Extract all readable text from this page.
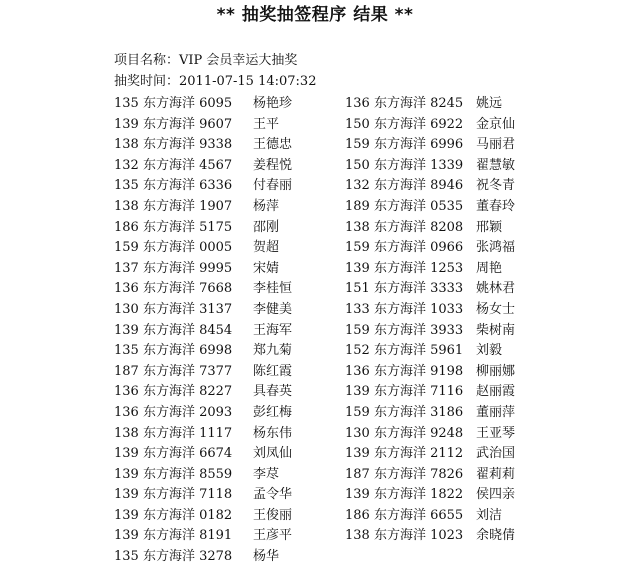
** 抽奖抽签程序 结果 **
项目名称：VIP 会员幸运大抽奖
抽奖时间：2011-07-15 14:07:32
135 东方海洋 6095 杨艳珍
139 东方海洋 9607 王平
138 东方海洋 9338 王德忠
132 东方海洋 4567 姜程悦
135 东方海洋 6336 付春丽
138 东方海洋 1907 杨萍
186 东方海洋 5175 邵刚
159 东方海洋 0005 贺超
137 东方海洋 9995 宋婧
136 东方海洋 7668 李桂恒
130 东方海洋 3137 李健美
139 东方海洋 8454 王海军
135 东方海洋 6998 郑九菊
187 东方海洋 7377 陈红霞
136 东方海洋 8227 具春英
136 东方海洋 2093 彭红梅
138 东方海洋 1117 杨东伟
139 东方海洋 6674 刘凤仙
139 东方海洋 8559 李荩
139 东方海洋 7118 孟令华
139 东方海洋 0182 王俊丽
139 东方海洋 8191 王彦平
135 东方海洋 3278 杨华
136 东方海洋 8245 姚远
150 东方海洋 6922 金京仙
159 东方海洋 6996 马丽君
150 东方海洋 1339 翟慧敏
132 东方海洋 8946 祝冬青
189 东方海洋 0535 董春玲
138 东方海洋 8208 邢颖
159 东方海洋 0966 张鸿福
139 东方海洋 1253 周艳
151 东方海洋 3333 姚林君
133 东方海洋 1033 杨女士
159 东方海洋 3933 柴树南
152 东方海洋 5961 刘毅
136 东方海洋 9198 柳丽娜
139 东方海洋 7116 赵丽霞
159 东方海洋 3186 董丽萍
130 东方海洋 9248 王亚琴
139 东方海洋 2112 武治国
187 东方海洋 7826 翟莉莉
139 东方海洋 1822 侯四亲
186 东方海洋 6655 刘洁
138 东方海洋 1023 余晓倩
